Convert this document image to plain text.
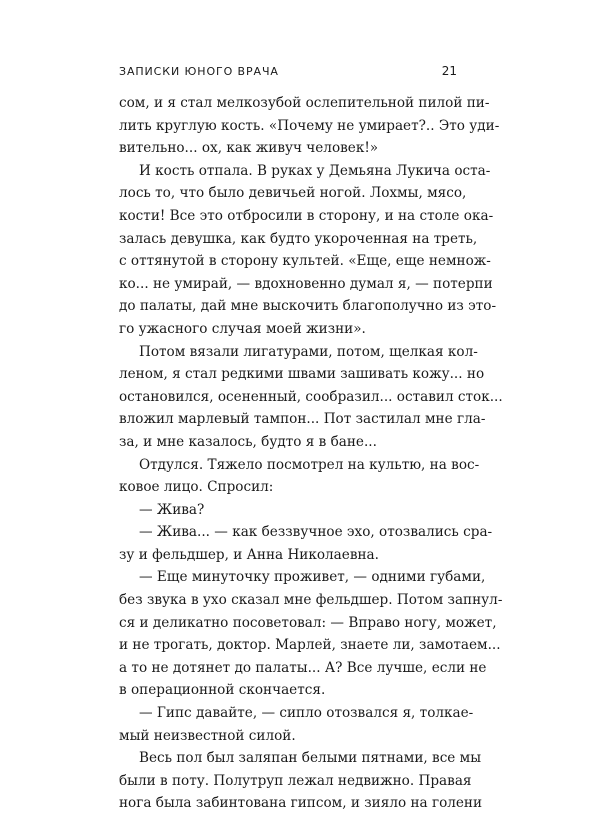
ЗАПИСКИ ЮНОГО ВРАЧА	21
сом, и я стал мелкозубой ослепительной пилой пи-
лить круглую кость. «Почему не умирает?.. Это уди-
вительно... ох, как живуч человек!»
И кость отпала. В руках у Демьяна Лукича оста-
лось то, что было девичьей ногой. Лохмы, мясо,
кости! Все это отбросили в сторону, и на столе ока-
залась девушка, как будто укороченная на треть,
с оттянутой в сторону культей. «Еще, еще немнож-
ко... не умирай, — вдохновенно думал я, — потерпи
до палаты, дай мне выскочить благополучно из это-
го ужасного случая моей жизни».
Потом вязали лигатурами, потом, щелкая кол-
леном, я стал редкими швами зашивать кожу... но
остановился, осененный, сообразил... оставил сток...
вложил марлевый тампон... Пот застилал мне гла-
за, и мне казалось, будто я в бане...
Отдулся. Тяжело посмотрел на культю, на вос-
ковое лицо. Спросил:
— Жива?
— Жива... — как беззвучное эхо, отозвались сра-
зу и фельдшер, и Анна Николаевна.
— Еще минуточку проживет, — одними губами,
без звука в ухо сказал мне фельдшер. Потом запнул-
ся и деликатно посоветовал: — Вправо ногу, может,
и не трогать, доктор. Марлей, знаете ли, замотаем...
а то не дотянет до палаты... А? Все лучше, если не
в операционной скончается.
— Гипс давайте, — сипло отозвался я, толкае-
мый неизвестной силой.
Весь пол был заляпан белыми пятнами, все мы
были в поту. Полутруп лежал недвижно. Правая
нога была забинтована гипсом, и зияло на голени
